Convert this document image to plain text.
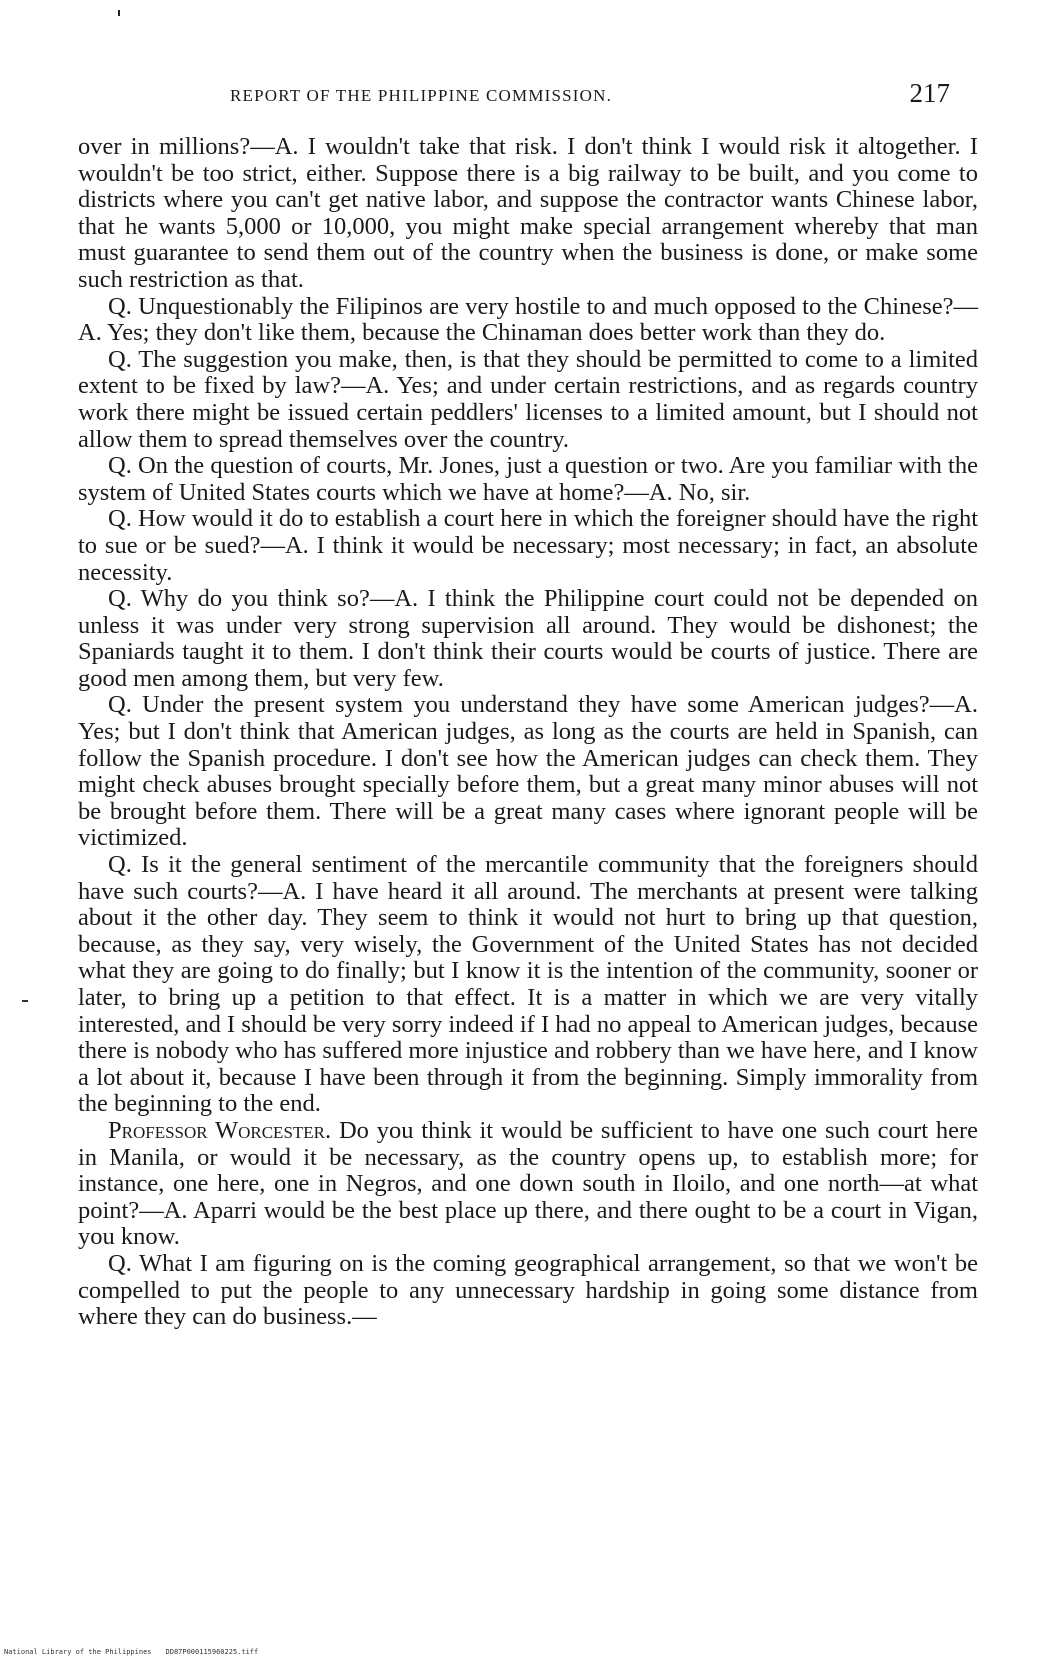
REPORT OF THE PHILIPPINE COMMISSION.	217

over in millions?—A. I wouldn't take that risk. I don't think I would risk it altogether. I wouldn't be too strict, either. Suppose there is a big railway to be built, and you come to districts where you can't get native labor, and suppose the contractor wants Chinese labor, that he wants 5,000 or 10,000, you might make special arrangement whereby that man must guarantee to send them out of the country when the business is done, or make some such restriction as that.

Q. Unquestionably the Filipinos are very hostile to and much opposed to the Chinese?—A. Yes; they don't like them, because the Chinaman does better work than they do.

Q. The suggestion you make, then, is that they should be permitted to come to a limited extent to be fixed by law?—A. Yes; and under certain restrictions, and as regards country work there might be issued certain peddlers' licenses to a limited amount, but I should not allow them to spread themselves over the country.

Q. On the question of courts, Mr. Jones, just a question or two. Are you familiar with the system of United States courts which we have at home?—A. No, sir.

Q. How would it do to establish a court here in which the foreigner should have the right to sue or be sued?—A. I think it would be necessary; most necessary; in fact, an absolute necessity.

Q. Why do you think so?—A. I think the Philippine court could not be depended on unless it was under very strong supervision all around. They would be dishonest; the Spaniards taught it to them. I don't think their courts would be courts of justice. There are good men among them, but very few.

Q. Under the present system you understand they have some American judges?—A. Yes; but I don't think that American judges, as long as the courts are held in Spanish, can follow the Spanish procedure. I don't see how the American judges can check them. They might check abuses brought specially before them, but a great many minor abuses will not be brought before them. There will be a great many cases where ignorant people will be victimized.

Q. Is it the general sentiment of the mercantile community that the foreigners should have such courts?—A. I have heard it all around. The merchants at present were talking about it the other day. They seem to think it would not hurt to bring up that question, because, as they say, very wisely, the Government of the United States has not decided what they are going to do finally; but I know it is the intention of the community, sooner or later, to bring up a petition to that effect. It is a matter in which we are very vitally interested, and I should be very sorry indeed if I had no appeal to American judges, because there is nobody who has suffered more injustice and robbery than we have here, and I know a lot about it, because I have been through it from the beginning. Simply immorality from the beginning to the end.

Professor Worcester. Do you think it would be sufficient to have one such court here in Manila, or would it be necessary, as the country opens up, to establish more; for instance, one here, one in Negros, and one down south in Iloilo, and one north—at what point?—A. Aparri would be the best place up there, and there ought to be a court in Vigan, you know.

Q. What I am figuring on is the coming geographical arrangement, so that we won't be compelled to put the people to any unnecessary hardship in going some distance from where they can do business.—

National Library of the Philippines DD87P000115960225.tiff
